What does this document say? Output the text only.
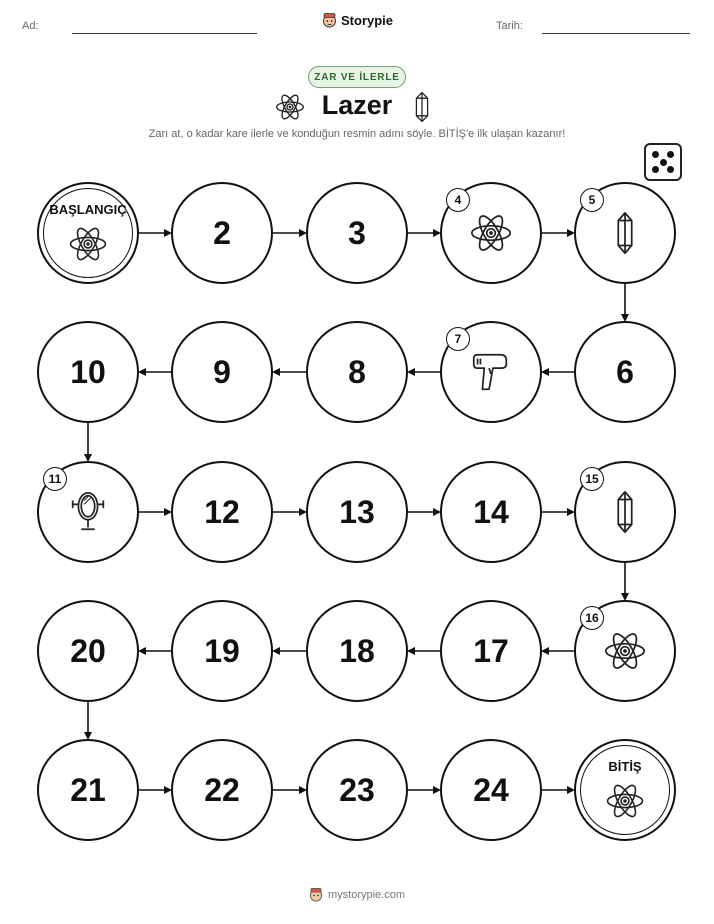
Ad:	Storypie	Tarih:
ZAR VE İLERLE
Lazer
Zarı at, o kadar kare ilerle ve konduğun resmin adını söyle. BİTİŞ'e ilk ulaşan kazanır!
BAŞLANGIÇ
2	3
4	5
6
7
8
9
10
11
12	13	14
15
16
17
18
19
20
21	22	23	24
BİTİŞ
mystorypie.com
